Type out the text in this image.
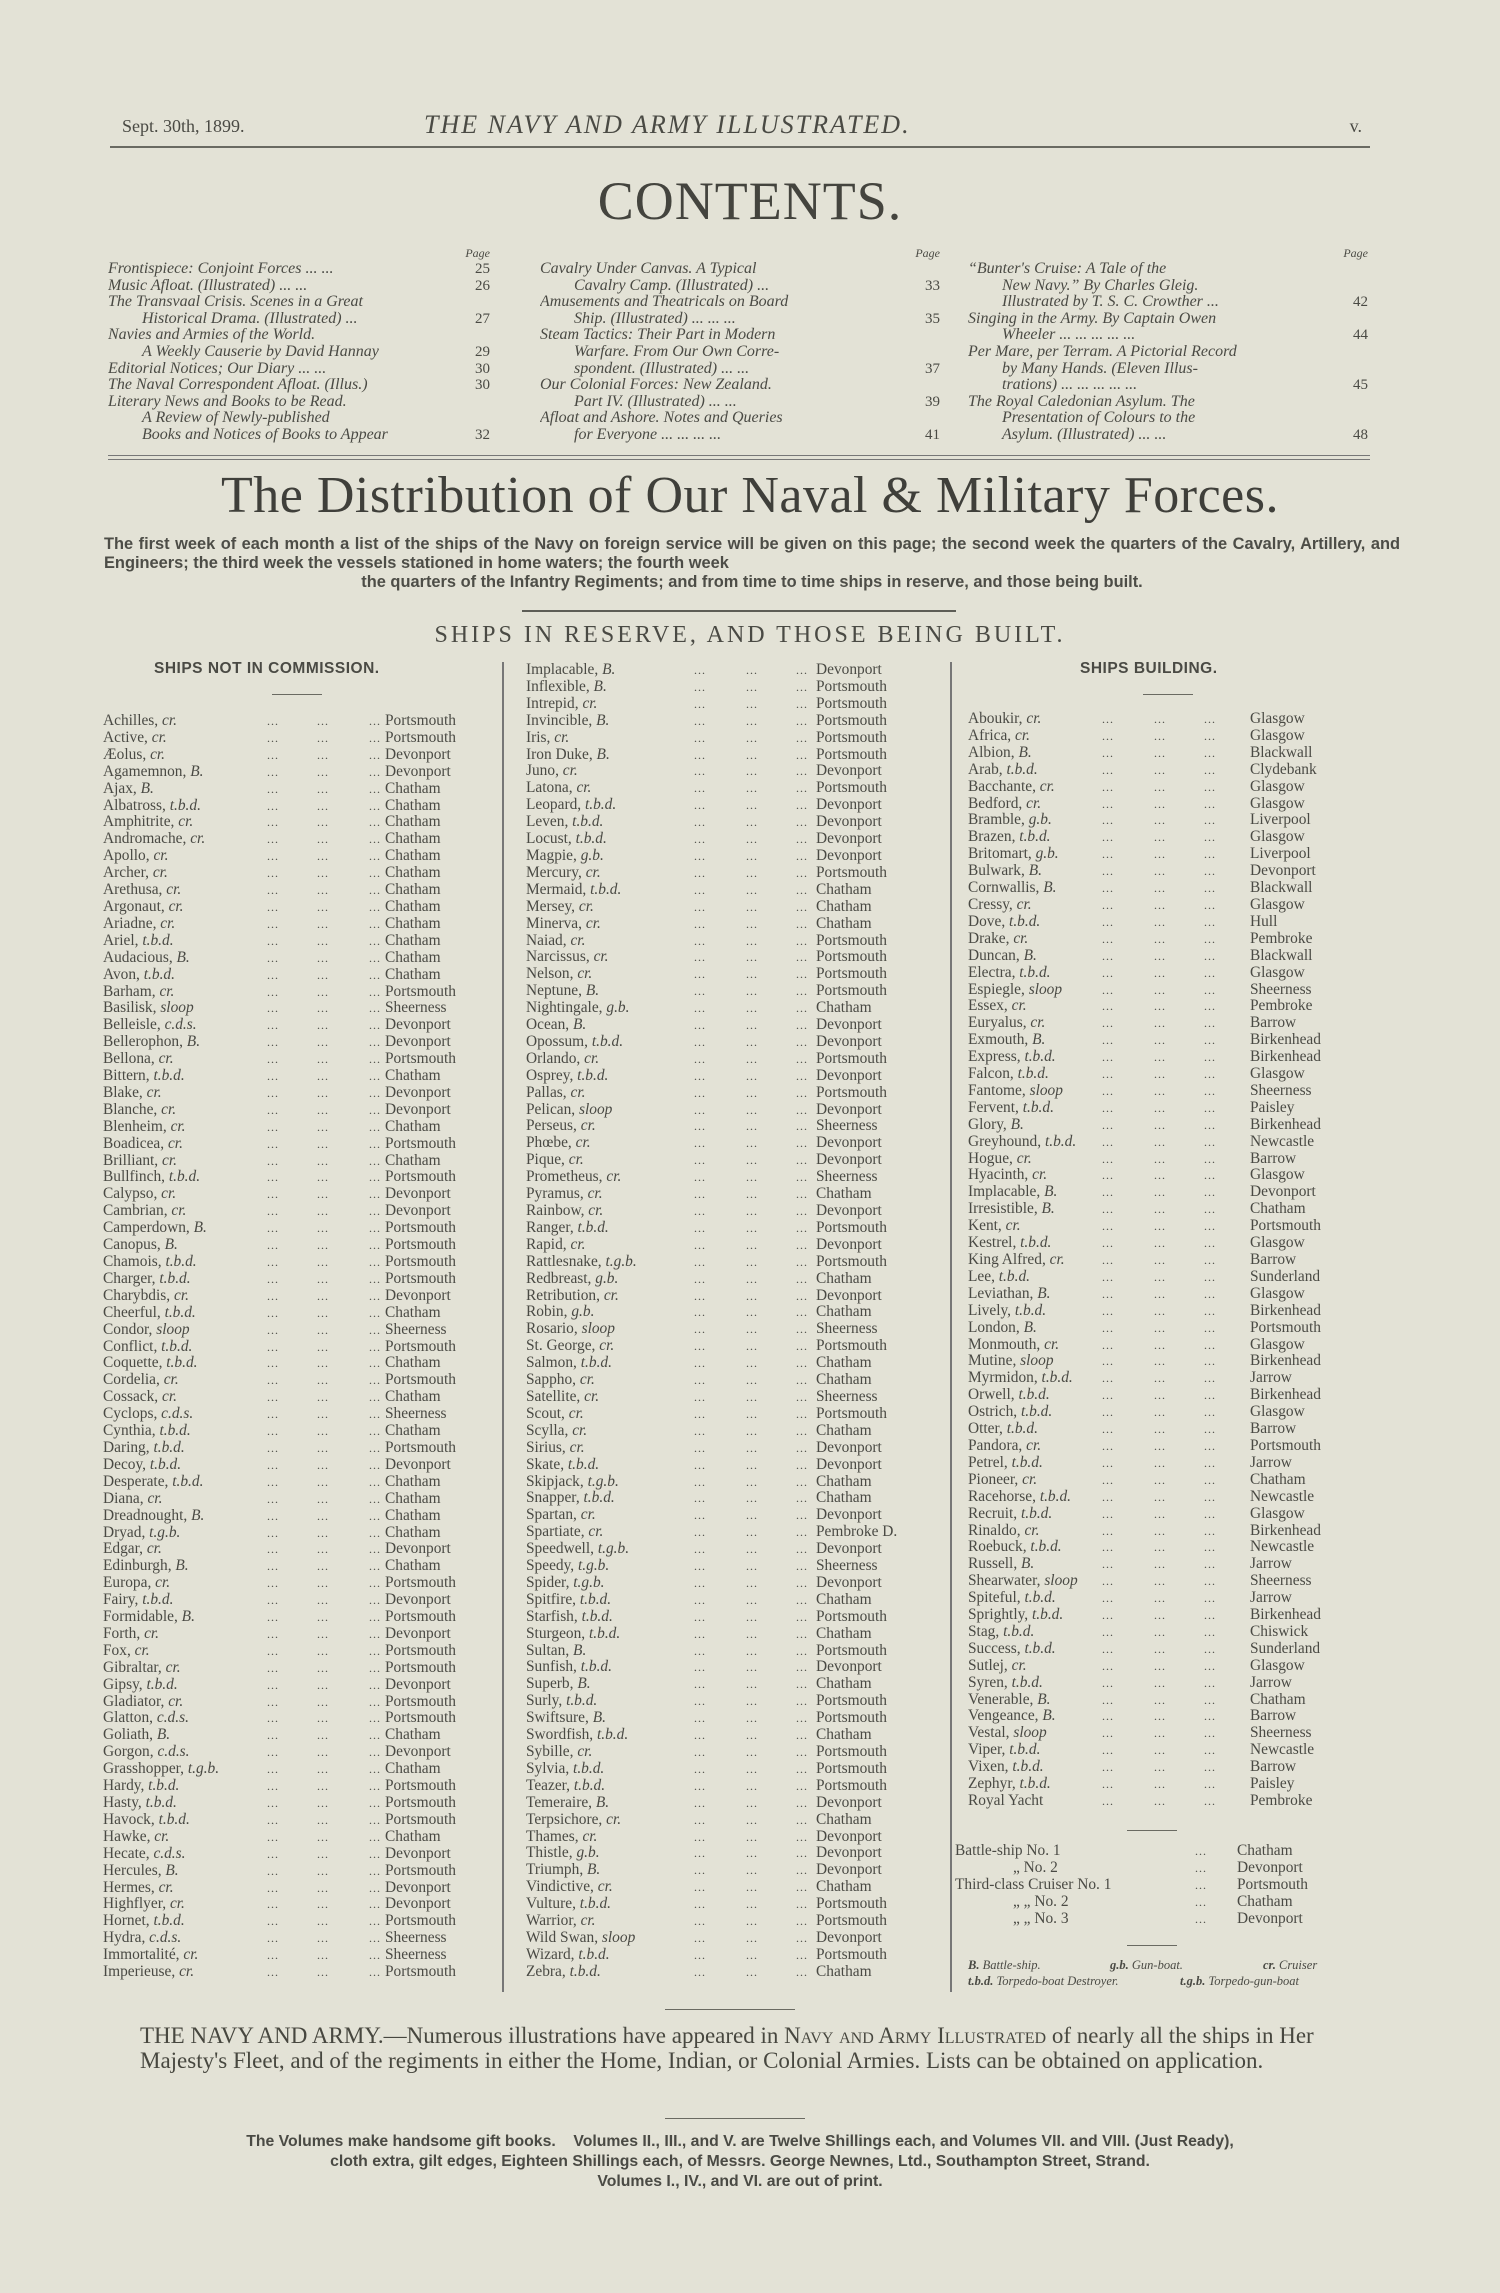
Sept. 30th, 1899.	THE NAVY AND ARMY ILLUSTRATED.	v.
CONTENTS.
Page
Frontispiece: Conjoint Forces ... ...	25
Music Afloat. (Illustrated) ... ...	26
The Transvaal Crisis. Scenes in a Great
Historical Drama. (Illustrated) ...	27
Navies and Armies of the World.
A Weekly Causerie by David Hannay	29
Editorial Notices; Our Diary ... ...	30
The Naval Correspondent Afloat. (Illus.)	30
Literary News and Books to be Read.
A Review of Newly-published
Books and Notices of Books to Appear	32
Page
Cavalry Under Canvas. A Typical
Cavalry Camp. (Illustrated) ...	33
Amusements and Theatricals on Board
Ship. (Illustrated) ... ... ...	35
Steam Tactics: Their Part in Modern
Warfare. From Our Own Corre-
spondent. (Illustrated) ... ...	37
Our Colonial Forces: New Zealand.
Part IV. (Illustrated) ... ...	39
Afloat and Ashore. Notes and Queries
for Everyone ... ... ... ...	41
Page
“Bunter's Cruise: A Tale of the
New Navy.” By Charles Gleig.
Illustrated by T. S. C. Crowther ...	42
Singing in the Army. By Captain Owen
Wheeler ... ... ... ... ...	44
Per Mare, per Terram. A Pictorial Record
by Many Hands. (Eleven Illus-
trations) ... ... ... ... ...	45
The Royal Caledonian Asylum. The
Presentation of Colours to the
Asylum. (Illustrated) ... ...	48
The Distribution of Our Naval & Military Forces.
The first week of each month a list of the ships of the Navy on foreign service will be given on this page; the second week the quarters of the Cavalry, Artillery, and Engineers; the third week the vessels stationed in home waters; the fourth week
the quarters of the Infantry Regiments; and from time to time ships in reserve, and those being built.
SHIPS IN RESERVE, AND THOSE BEING BUILT.
SHIPS NOT IN COMMISSION.	SHIPS BUILDING.
Achilles, cr.	...	...	... Portsmouth
Active, cr.	...	...	... Portsmouth
Æolus, cr.	...	...	... Devonport
Agamemnon, B.	...	...	... Devonport
Ajax, B.	...	...	... Chatham
Albatross, t.b.d.	...	...	... Chatham
Amphitrite, cr.	...	...	... Chatham
Andromache, cr.	...	...	... Chatham
Apollo, cr.	...	...	... Chatham
Archer, cr.	...	...	... Chatham
Arethusa, cr.	...	...	... Chatham
Argonaut, cr.	...	...	... Chatham
Ariadne, cr.	...	...	... Chatham
Ariel, t.b.d.	...	...	... Chatham
Audacious, B.	...	...	... Chatham
Avon, t.b.d.	...	...	... Chatham
Barham, cr.	...	...	... Portsmouth
Basilisk, sloop	...	...	... Sheerness
Belleisle, c.d.s.	...	...	... Devonport
Bellerophon, B.	...	...	... Devonport
Bellona, cr.	...	...	... Portsmouth
Bittern, t.b.d.	...	...	... Chatham
Blake, cr.	...	...	... Devonport
Blanche, cr.	...	...	... Devonport
Blenheim, cr.	...	...	... Chatham
Boadicea, cr.	...	...	... Portsmouth
Brilliant, cr.	...	...	... Chatham
Bullfinch, t.b.d.	...	...	... Portsmouth
Calypso, cr.	...	...	... Devonport
Cambrian, cr.	...	...	... Devonport
Camperdown, B.	...	...	... Portsmouth
Canopus, B.	...	...	... Portsmouth
Chamois, t.b.d.	...	...	... Portsmouth
Charger, t.b.d.	...	...	... Portsmouth
Charybdis, cr.	...	...	... Devonport
Cheerful, t.b.d.	...	...	... Chatham
Condor, sloop	...	...	... Sheerness
Conflict, t.b.d.	...	...	... Portsmouth
Coquette, t.b.d.	...	...	... Chatham
Cordelia, cr.	...	...	... Portsmouth
Cossack, cr.	...	...	... Chatham
Cyclops, c.d.s.	...	...	... Sheerness
Cynthia, t.b.d.	...	...	... Chatham
Daring, t.b.d.	...	...	... Portsmouth
Decoy, t.b.d.	...	...	... Devonport
Desperate, t.b.d.	...	...	... Chatham
Diana, cr.	...	...	... Chatham
Dreadnought, B.	...	...	... Chatham
Dryad, t.g.b.	...	...	... Chatham
Edgar, cr.	...	...	... Devonport
Edinburgh, B.	...	...	... Chatham
Europa, cr.	...	...	... Portsmouth
Fairy, t.b.d.	...	...	... Devonport
Formidable, B.	...	...	... Portsmouth
Forth, cr.	...	...	... Devonport
Fox, cr.	...	...	... Portsmouth
Gibraltar, cr.	...	...	... Portsmouth
Gipsy, t.b.d.	...	...	... Devonport
Gladiator, cr.	...	...	... Portsmouth
Glatton, c.d.s.	...	...	... Portsmouth
Goliath, B.	...	...	... Chatham
Gorgon, c.d.s.	...	...	... Devonport
Grasshopper, t.g.b.	...	...	... Chatham
Hardy, t.b.d.	...	...	... Portsmouth
Hasty, t.b.d.	...	...	... Portsmouth
Havock, t.b.d.	...	...	... Portsmouth
Hawke, cr.	...	...	... Chatham
Hecate, c.d.s.	...	...	... Devonport
Hercules, B.	...	...	... Portsmouth
Hermes, cr.	...	...	... Devonport
Highflyer, cr.	...	...	... Devonport
Hornet, t.b.d.	...	...	... Portsmouth
Hydra, c.d.s.	...	...	... Sheerness
Immortalité, cr.	...	...	... Sheerness
Imperieuse, cr.	...	...	... Portsmouth
Implacable, B.	...	...	... Devonport
Inflexible, B.	...	...	... Portsmouth
Intrepid, cr.	...	...	... Portsmouth
Invincible, B.	...	...	... Portsmouth
Iris, cr.	...	...	... Portsmouth
Iron Duke, B.	...	...	... Portsmouth
Juno, cr.	...	...	... Devonport
Latona, cr.	...	...	... Portsmouth
Leopard, t.b.d.	...	...	... Devonport
Leven, t.b.d.	...	...	... Devonport
Locust, t.b.d.	...	...	... Devonport
Magpie, g.b.	...	...	... Devonport
Mercury, cr.	...	...	... Portsmouth
Mermaid, t.b.d.	...	...	... Chatham
Mersey, cr.	...	...	... Chatham
Minerva, cr.	...	...	... Chatham
Naiad, cr.	...	...	... Portsmouth
Narcissus, cr.	...	...	... Portsmouth
Nelson, cr.	...	...	... Portsmouth
Neptune, B.	...	...	... Portsmouth
Nightingale, g.b.	...	...	... Chatham
Ocean, B.	...	...	... Devonport
Opossum, t.b.d.	...	...	... Devonport
Orlando, cr.	...	...	... Portsmouth
Osprey, t.b.d.	...	...	... Devonport
Pallas, cr.	...	...	... Portsmouth
Pelican, sloop	...	...	... Devonport
Perseus, cr.	...	...	... Sheerness
Phœbe, cr.	...	...	... Devonport
Pique, cr.	...	...	... Devonport
Prometheus, cr.	...	...	... Sheerness
Pyramus, cr.	...	...	... Chatham
Rainbow, cr.	...	...	... Devonport
Ranger, t.b.d.	...	...	... Portsmouth
Rapid, cr.	...	...	... Devonport
Rattlesnake, t.g.b.	...	...	... Portsmouth
Redbreast, g.b.	...	...	... Chatham
Retribution, cr.	...	...	... Devonport
Robin, g.b.	...	...	... Chatham
Rosario, sloop	...	...	... Sheerness
St. George, cr.	...	...	... Portsmouth
Salmon, t.b.d.	...	...	... Chatham
Sappho, cr.	...	...	... Chatham
Satellite, cr.	...	...	... Sheerness
Scout, cr.	...	...	... Portsmouth
Scylla, cr.	...	...	... Chatham
Sirius, cr.	...	...	... Devonport
Skate, t.b.d.	...	...	... Devonport
Skipjack, t.g.b.	...	...	... Chatham
Snapper, t.b.d.	...	...	... Chatham
Spartan, cr.	...	...	... Devonport
Spartiate, cr.	...	...	... Pembroke D.
Speedwell, t.g.b.	...	...	... Devonport
Speedy, t.g.b.	...	...	... Sheerness
Spider, t.g.b.	...	...	... Devonport
Spitfire, t.b.d.	...	...	... Chatham
Starfish, t.b.d.	...	...	... Portsmouth
Sturgeon, t.b.d.	...	...	... Chatham
Sultan, B.	...	...	... Portsmouth
Sunfish, t.b.d.	...	...	... Devonport
Superb, B.	...	...	... Chatham
Surly, t.b.d.	...	...	... Portsmouth
Swiftsure, B.	...	...	... Portsmouth
Swordfish, t.b.d.	...	...	... Chatham
Sybille, cr.	...	...	... Portsmouth
Sylvia, t.b.d.	...	...	... Portsmouth
Teazer, t.b.d.	...	...	... Portsmouth
Temeraire, B.	...	...	... Devonport
Terpsichore, cr.	...	...	... Chatham
Thames, cr.	...	...	... Devonport
Thistle, g.b.	...	...	... Devonport
Triumph, B.	...	...	... Devonport
Vindictive, cr.	...	...	... Chatham
Vulture, t.b.d.	...	...	... Portsmouth
Warrior, cr.	...	...	... Portsmouth
Wild Swan, sloop	...	...	... Devonport
Wizard, t.b.d.	...	...	... Portsmouth
Zebra, t.b.d.	...	...	... Chatham
Aboukir, cr.	...	...	... Glasgow
Africa, cr.	...	...	... Glasgow
Albion, B.	...	...	... Blackwall
Arab, t.b.d.	...	...	... Clydebank
Bacchante, cr.	...	...	... Glasgow
Bedford, cr.	...	...	... Glasgow
Bramble, g.b.	...	...	... Liverpool
Brazen, t.b.d.	...	...	... Glasgow
Britomart, g.b.	...	...	... Liverpool
Bulwark, B.	...	...	... Devonport
Cornwallis, B.	...	...	... Blackwall
Cressy, cr.	...	...	... Glasgow
Dove, t.b.d.	...	...	... Hull
Drake, cr.	...	...	... Pembroke
Duncan, B.	...	...	... Blackwall
Electra, t.b.d.	...	...	... Glasgow
Espiegle, sloop	...	...	... Sheerness
Essex, cr.	...	...	... Pembroke
Euryalus, cr.	...	...	... Barrow
Exmouth, B.	...	...	... Birkenhead
Express, t.b.d.	...	...	... Birkenhead
Falcon, t.b.d.	...	...	... Glasgow
Fantome, sloop	...	...	... Sheerness
Fervent, t.b.d.	...	...	... Paisley
Glory, B.	...	...	... Birkenhead
Greyhound, t.b.d. ...	...	... Newcastle
Hogue, cr.	...	...	... Barrow
Hyacinth, cr.	...	...	... Glasgow
Implacable, B.	...	...	... Devonport
Irresistible, B.	...	...	... Chatham
Kent, cr.	...	...	... Portsmouth
Kestrel, t.b.d.	...	...	... Glasgow
King Alfred, cr.	...	...	... Barrow
Lee, t.b.d.	...	...	... Sunderland
Leviathan, B.	...	...	... Glasgow
Lively, t.b.d.	...	...	... Birkenhead
London, B.	...	...	... Portsmouth
Monmouth, cr.	...	...	... Glasgow
Mutine, sloop	...	...	... Birkenhead
Myrmidon, t.b.d. ...	...	... Jarrow
Orwell, t.b.d.	...	...	... Birkenhead
Ostrich, t.b.d.	...	...	... Glasgow
Otter, t.b.d.	...	...	... Barrow
Pandora, cr.	...	...	... Portsmouth
Petrel, t.b.d.	...	...	... Jarrow
Pioneer, cr.	...	...	... Chatham
Racehorse, t.b.d.	...	...	... Newcastle
Recruit, t.b.d.	...	...	... Glasgow
Rinaldo, cr.	...	...	... Birkenhead
Roebuck, t.b.d.	...	...	... Newcastle
Russell, B.	...	...	... Jarrow
Shearwater, sloop ...	...	... Sheerness
Spiteful, t.b.d.	...	...	... Jarrow
Sprightly, t.b.d.	...	...	... Birkenhead
Stag, t.b.d.	...	...	... Chiswick
Success, t.b.d.	...	...	... Sunderland
Sutlej, cr.	...	...	... Glasgow
Syren, t.b.d.	...	...	... Jarrow
Venerable, B.	...	...	... Chatham
Vengeance, B.	...	...	... Barrow
Vestal, sloop	...	...	... Sheerness
Viper, t.b.d.	...	...	... Newcastle
Vixen, t.b.d.	...	...	... Barrow
Zephyr, t.b.d.	...	...	... Paisley
Royal Yacht	...	...	... Pembroke
Battle-ship No. 1	... Chatham
„ No. 2	... Devonport
Third-class Cruiser No. 1	... Portsmouth
„ „ No. 2	... Chatham
„ „ No. 3	... Devonport
B. Battle-ship.	g.b. Gun-boat.	cr. Cruiser
t.b.d. Torpedo-boat Destroyer.	t.g.b. Torpedo-gun-boat
THE NAVY AND ARMY.—Numerous illustrations have appeared in Navy and Army Illustrated of nearly all the ships in Her Majesty's Fleet, and of the regiments in either the Home, Indian, or Colonial Armies. Lists can be obtained on application.
The Volumes make handsome gift books.    Volumes II., III., and V. are Twelve Shillings each, and Volumes VII. and VIII. (Just Ready),
cloth extra, gilt edges, Eighteen Shillings each, of Messrs. George Newnes, Ltd., Southampton Street, Strand.
Volumes I., IV., and VI. are out of print.
